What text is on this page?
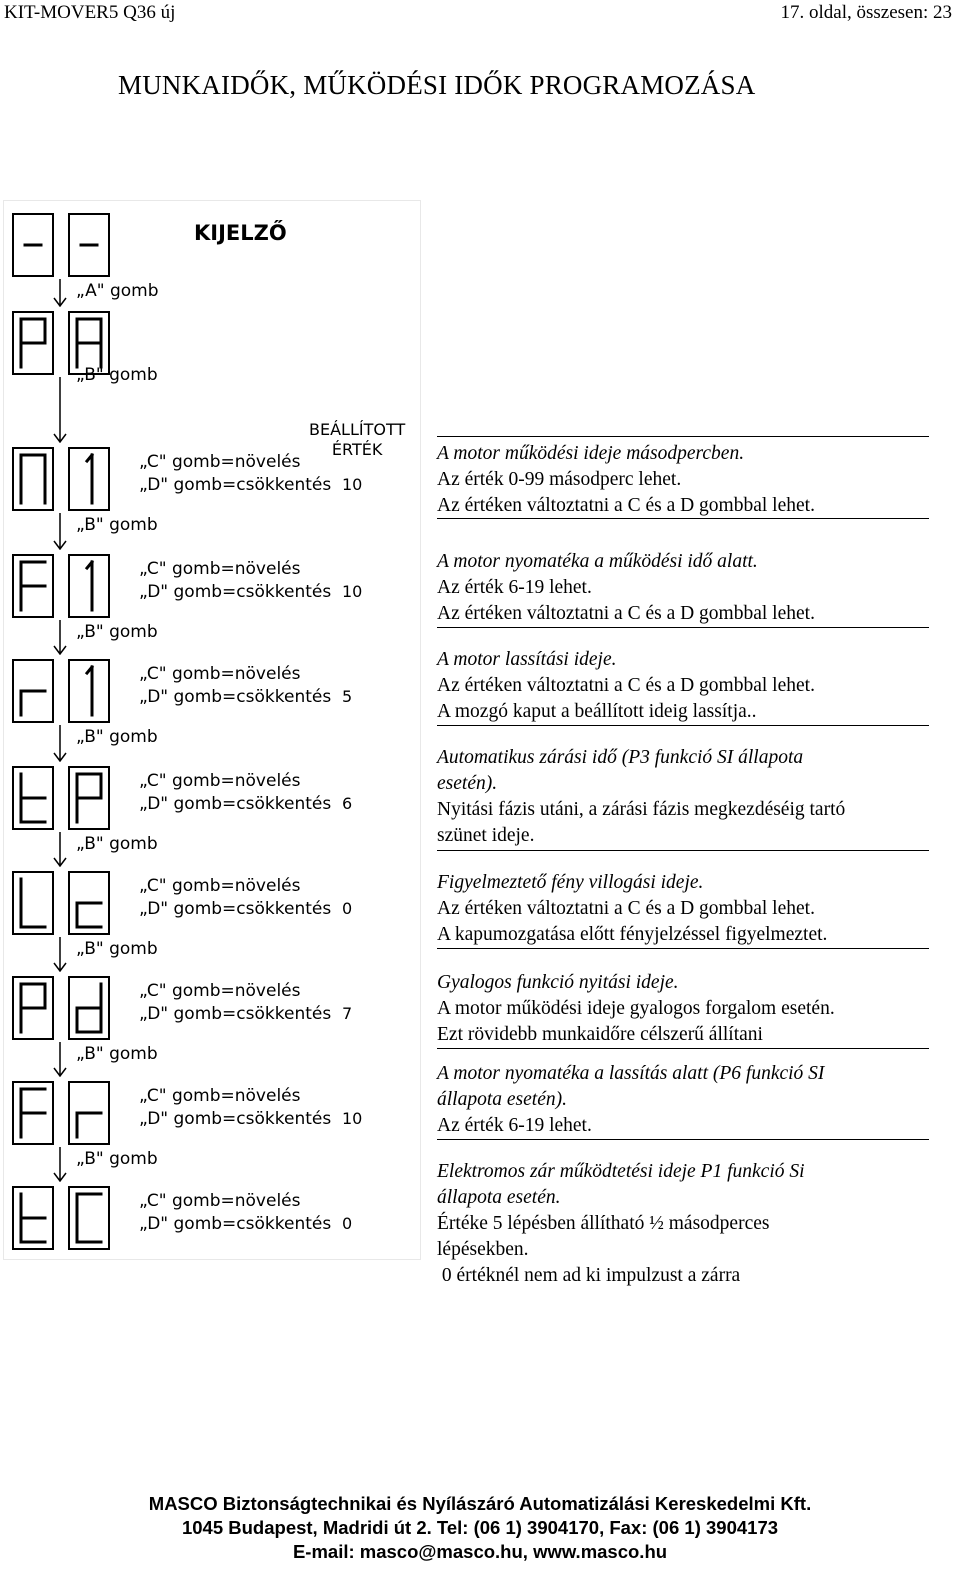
KIT-MOVER5 Q36 új	17. oldal, összesen: 23
MUNKAIDŐK, MŰKÖDÉSI IDŐK PROGRAMOZÁSA
KIJELZŐ
BEÁLLÍTOTT
ÉRTÉK
„A" gomb
„B" gomb
„C" gomb=növelés
„D" gomb=csökkentés 10
„B" gomb
„C" gomb=növelés
„D" gomb=csökkentés 10
„B" gomb
„C" gomb=növelés
„D" gomb=csökkentés 5
„B" gomb
„C" gomb=növelés
„D" gomb=csökkentés 6
„B" gomb
„C" gomb=növelés
„D" gomb=csökkentés 0
„B" gomb
„C" gomb=növelés
„D" gomb=csökkentés 7
„B" gomb
„C" gomb=növelés
„D" gomb=csökkentés 10
„B" gomb
„C" gomb=növelés
„D" gomb=csökkentés 0
A motor működési ideje másodpercben.
Az érték 0-99 másodperc lehet.
Az értéken változtatni a C és a D gombbal lehet.
A motor nyomatéka a működési idő alatt.
Az érték 6-19 lehet.
Az értéken változtatni a C és a D gombbal lehet.
A motor lassítási ideje.
Az értéken változtatni a C és a D gombbal lehet.
A mozgó kaput a beállított ideig lassítja..
Automatikus zárási idő (P3 funkció SI állapota
esetén).
Nyitási fázis utáni, a zárási fázis megkezdéséig tartó
szünet ideje.
Figyelmeztető fény villogási ideje.
Az értéken változtatni a C és a D gombbal lehet.
A kapumozgatása előtt fényjelzéssel figyelmeztet.
Gyalogos funkció nyitási ideje.
A motor működési ideje gyalogos forgalom esetén.
Ezt rövidebb munkaidőre célszerű állítani
A motor nyomatéka a lassítás alatt (P6 funkció SI
állapota esetén).
Az érték 6-19 lehet.
Elektromos zár működtetési ideje P1 funkció Si
állapota esetén.
Értéke 5 lépésben állítható ½ másodperces
lépésekben.
0 értéknél nem ad ki impulzust a zárra
MASCO Biztonságtechnikai és Nyílászáró Automatizálási Kereskedelmi Kft.
1045 Budapest, Madridi út 2. Tel: (06 1) 3904170, Fax: (06 1) 3904173
E-mail: masco@masco.hu, www.masco.hu
